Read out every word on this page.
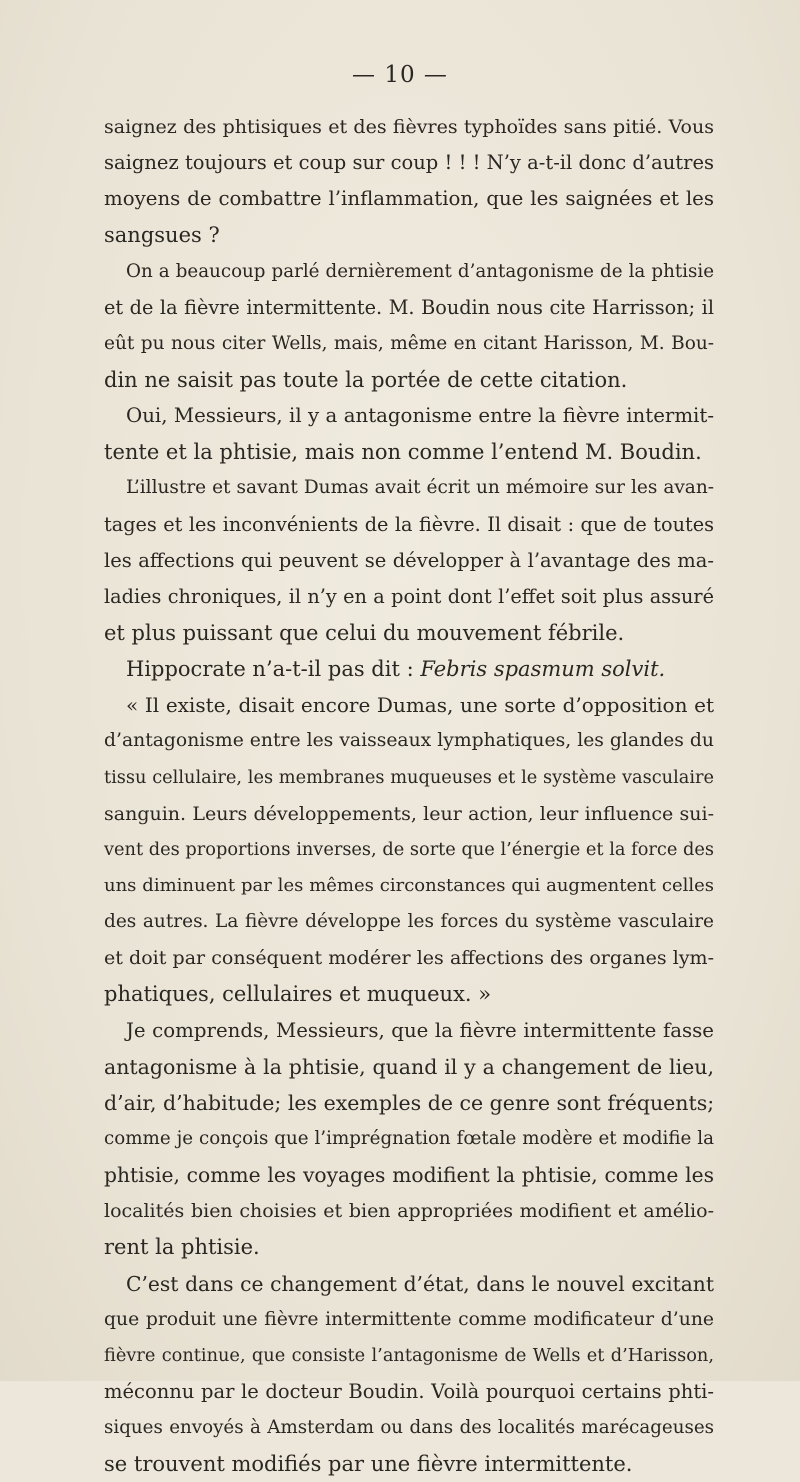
— 10 —
saignez des phtisiques et des fièvres typhoïdes sans pitié. Vous
saignez toujours et coup sur coup ! ! ! N’y a-t-il donc d’autres
moyens de combattre l’inflammation, que les saignées et les
sangsues ?
On a beaucoup parlé dernièrement d’antagonisme de la phtisie
et de la fièvre intermittente. M. Boudin nous cite Harrisson; il
eût pu nous citer Wells, mais, même en citant Harisson, M. Bou-
din ne saisit pas toute la portée de cette citation.
Oui, Messieurs, il y a antagonisme entre la fièvre intermit-
tente et la phtisie, mais non comme l’entend M. Boudin.
L’illustre et savant Dumas avait écrit un mémoire sur les avan-
tages et les inconvénients de la fièvre. Il disait : que de toutes
les affections qui peuvent se développer à l’avantage des ma-
ladies chroniques, il n’y en a point dont l’effet soit plus assuré
et plus puissant que celui du mouvement fébrile.
Hippocrate n’a-t-il pas dit : Febris spasmum solvit.
« Il existe, disait encore Dumas, une sorte d’opposition et
d’antagonisme entre les vaisseaux lymphatiques, les glandes du
tissu cellulaire, les membranes muqueuses et le système vasculaire
sanguin. Leurs développements, leur action, leur influence sui-
vent des proportions inverses, de sorte que l’énergie et la force des
uns diminuent par les mêmes circonstances qui augmentent celles
des autres. La fièvre développe les forces du système vasculaire
et doit par conséquent modérer les affections des organes lym-
phatiques, cellulaires et muqueux. »
Je comprends, Messieurs, que la fièvre intermittente fasse
antagonisme à la phtisie, quand il y a changement de lieu,
d’air, d’habitude; les exemples de ce genre sont fréquents;
comme je conçois que l’imprégnation fœtale modère et modifie la
phtisie, comme les voyages modifient la phtisie, comme les
localités bien choisies et bien appropriées modifient et amélio-
rent la phtisie.
C’est dans ce changement d’état, dans le nouvel excitant
que produit une fièvre intermittente comme modificateur d’une
fièvre continue, que consiste l’antagonisme de Wells et d’Harisson,
méconnu par le docteur Boudin. Voilà pourquoi certains phti-
siques envoyés à Amsterdam ou dans des localités marécageuses
se trouvent modifiés par une fièvre intermittente.
